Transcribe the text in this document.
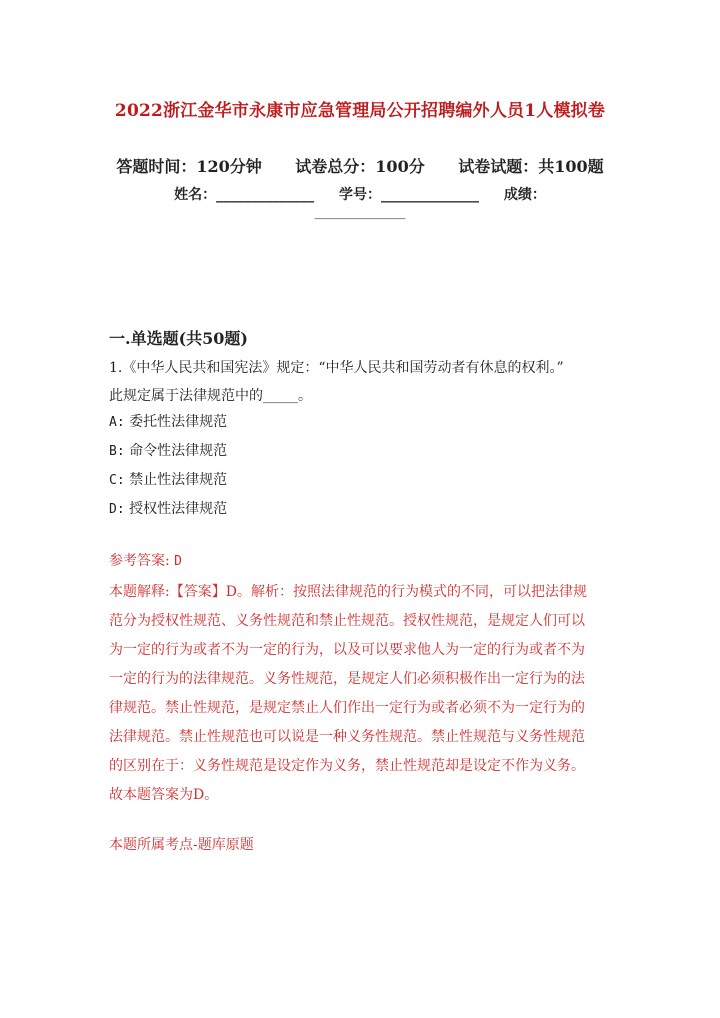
2022浙江金华市永康市应急管理局公开招聘编外人员1人模拟卷
答题时间：120分钟 试卷总分：100分 试卷试题：共100题
姓名：______________ 学号：______________ 成绩：
_____________
一.单选题(共50题)
1.《中华人民共和国宪法》规定：“中华人民共和国劳动者有休息的权利。”
此规定属于法律规范中的_____。
A: 委托性法律规范
B: 命令性法律规范
C: 禁止性法律规范
D: 授权性法律规范
参考答案: D
本题解释:【答案】D。解析：按照法律规范的行为模式的不同，可以把法律规
范分为授权性规范、义务性规范和禁止性规范。授权性规范，是规定人们可以
为一定的行为或者不为一定的行为，以及可以要求他人为一定的行为或者不为
一定的行为的法律规范。义务性规范，是规定人们必须积极作出一定行为的法
律规范。禁止性规范，是规定禁止人们作出一定行为或者必须不为一定行为的
法律规范。禁止性规范也可以说是一种义务性规范。禁止性规范与义务性规范
的区别在于：义务性规范是设定作为义务，禁止性规范却是设定不作为义务。
故本题答案为D。
本题所属考点-题库原题
